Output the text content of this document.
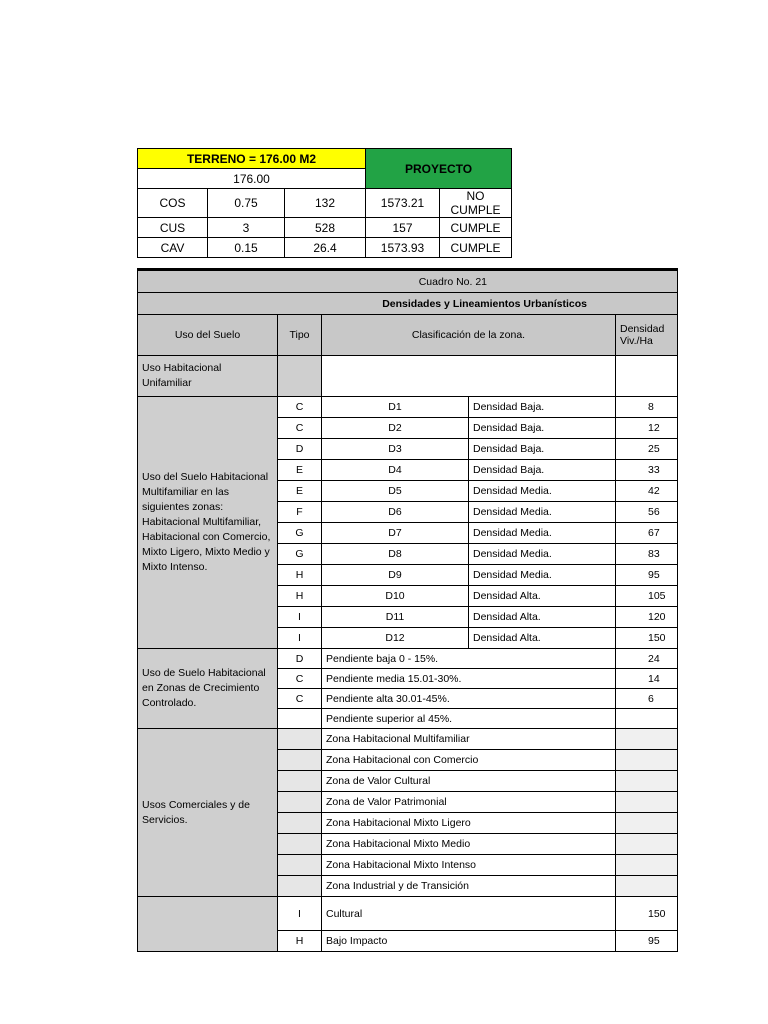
TERRENO = 176.00 M2			PROYECTO	
176.00				
COS	0.75	132	1573.21	NO CUMPLE
CUS	3	528	157	CUMPLE
CAV	0.15	26.4	1573.93	CUMPLE
Cuadro No. 21				
Densidades y Lineamientos Urbanísticos				
Uso del Suelo	Tipo	Clasificación de la zona.		Densidad Viv./Ha
Uso Habitacional Unifamiliar				
Uso del Suelo Habitacional Multifamiliar en las siguientes zonas: Habitacional Multifamiliar, Habitacional con Comercio, Mixto Ligero, Mixto Medio y Mixto Intenso.	C	D1	Densidad Baja.	8
	C	D2	Densidad Baja.	12
	D	D3	Densidad Baja.	25
	E	D4	Densidad Baja.	33
	E	D5	Densidad Media.	42
	F	D6	Densidad Media.	56
	G	D7	Densidad Media.	67
	G	D8	Densidad Media.	83
	H	D9	Densidad Media.	95
	H	D10	Densidad Alta.	105
	I	D11	Densidad Alta.	120
	I	D12	Densidad Alta.	150
Uso de Suelo Habitacional en Zonas de Crecimiento Controlado.	D	Pendiente baja 0 - 15%.		24
	C	Pendiente media 15.01-30%.		14
	C	Pendiente alta 30.01-45%.		6
		Pendiente superior al 45%.		
Usos Comerciales y de Servicios.		Zona Habitacional Multifamiliar		
		Zona Habitacional con Comercio		
		Zona de Valor Cultural		
		Zona de Valor Patrimonial		
		Zona Habitacional Mixto Ligero		
		Zona Habitacional Mixto Medio		
		Zona Habitacional Mixto Intenso		
		Zona Industrial y de Transición		
	I	Cultural		150
	H	Bajo Impacto		95
